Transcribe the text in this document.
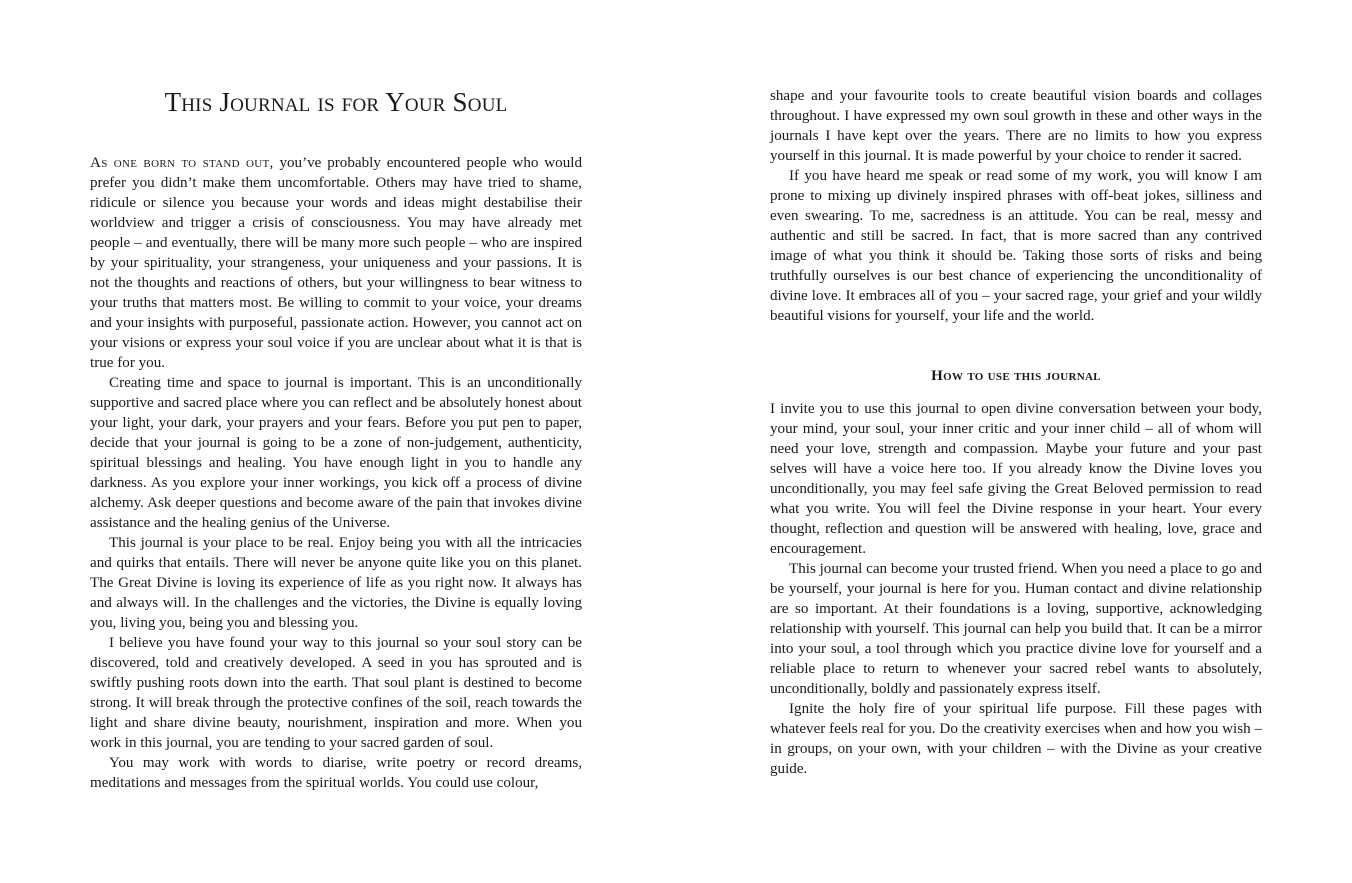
This Journal is for Your Soul

As one born to stand out, you’ve probably encountered people who would prefer you didn’t make them uncomfortable. Others may have tried to shame, ridicule or silence you because your words and ideas might destabilise their worldview and trigger a crisis of consciousness. You may have already met people – and eventually, there will be many more such people – who are inspired by your spirituality, your strangeness, your uniqueness and your passions. It is not the thoughts and reactions of others, but your willingness to bear witness to your truths that matters most. Be willing to commit to your voice, your dreams and your insights with purposeful, passionate action. However, you cannot act on your visions or express your soul voice if you are unclear about what it is that is true for you.

Creating time and space to journal is important. This is an unconditionally supportive and sacred place where you can reflect and be absolutely honest about your light, your dark, your prayers and your fears. Before you put pen to paper, decide that your journal is going to be a zone of non-judgement, authenticity, spiritual blessings and healing. You have enough light in you to handle any darkness. As you explore your inner workings, you kick off a process of divine alchemy. Ask deeper questions and become aware of the pain that invokes divine assistance and the healing genius of the Universe.

This journal is your place to be real. Enjoy being you with all the intricacies and quirks that entails. There will never be anyone quite like you on this planet. The Great Divine is loving its experience of life as you right now. It always has and always will. In the challenges and the victories, the Divine is equally loving you, living you, being you and blessing you.

I believe you have found your way to this journal so your soul story can be discovered, told and creatively developed. A seed in you has sprouted and is swiftly pushing roots down into the earth. That soul plant is destined to become strong. It will break through the protective confines of the soil, reach towards the light and share divine beauty, nourishment, inspiration and more. When you work in this journal, you are tending to your sacred garden of soul.

You may work with words to diarise, write poetry or record dreams, meditations and messages from the spiritual worlds. You could use colour,

shape and your favourite tools to create beautiful vision boards and collages throughout. I have expressed my own soul growth in these and other ways in the journals I have kept over the years. There are no limits to how you express yourself in this journal. It is made powerful by your choice to render it sacred.

If you have heard me speak or read some of my work, you will know I am prone to mixing up divinely inspired phrases with off-beat jokes, silliness and even swearing. To me, sacredness is an attitude. You can be real, messy and authentic and still be sacred. In fact, that is more sacred than any contrived image of what you think it should be. Taking those sorts of risks and being truthfully ourselves is our best chance of experiencing the unconditionality of divine love. It embraces all of you – your sacred rage, your grief and your wildly beautiful visions for yourself, your life and the world.

How to use this journal

I invite you to use this journal to open divine conversation between your body, your mind, your soul, your inner critic and your inner child – all of whom will need your love, strength and compassion. Maybe your future and your past selves will have a voice here too. If you already know the Divine loves you unconditionally, you may feel safe giving the Great Beloved permission to read what you write. You will feel the Divine response in your heart. Your every thought, reflection and question will be answered with healing, love, grace and encouragement.

This journal can become your trusted friend. When you need a place to go and be yourself, your journal is here for you. Human contact and divine relationship are so important. At their foundations is a loving, supportive, acknowledging relationship with yourself. This journal can help you build that. It can be a mirror into your soul, a tool through which you practice divine love for yourself and a reliable place to return to whenever your sacred rebel wants to absolutely, unconditionally, boldly and passionately express itself.

Ignite the holy fire of your spiritual life purpose. Fill these pages with whatever feels real for you. Do the creativity exercises when and how you wish – in groups, on your own, with your children – with the Divine as your creative guide.
